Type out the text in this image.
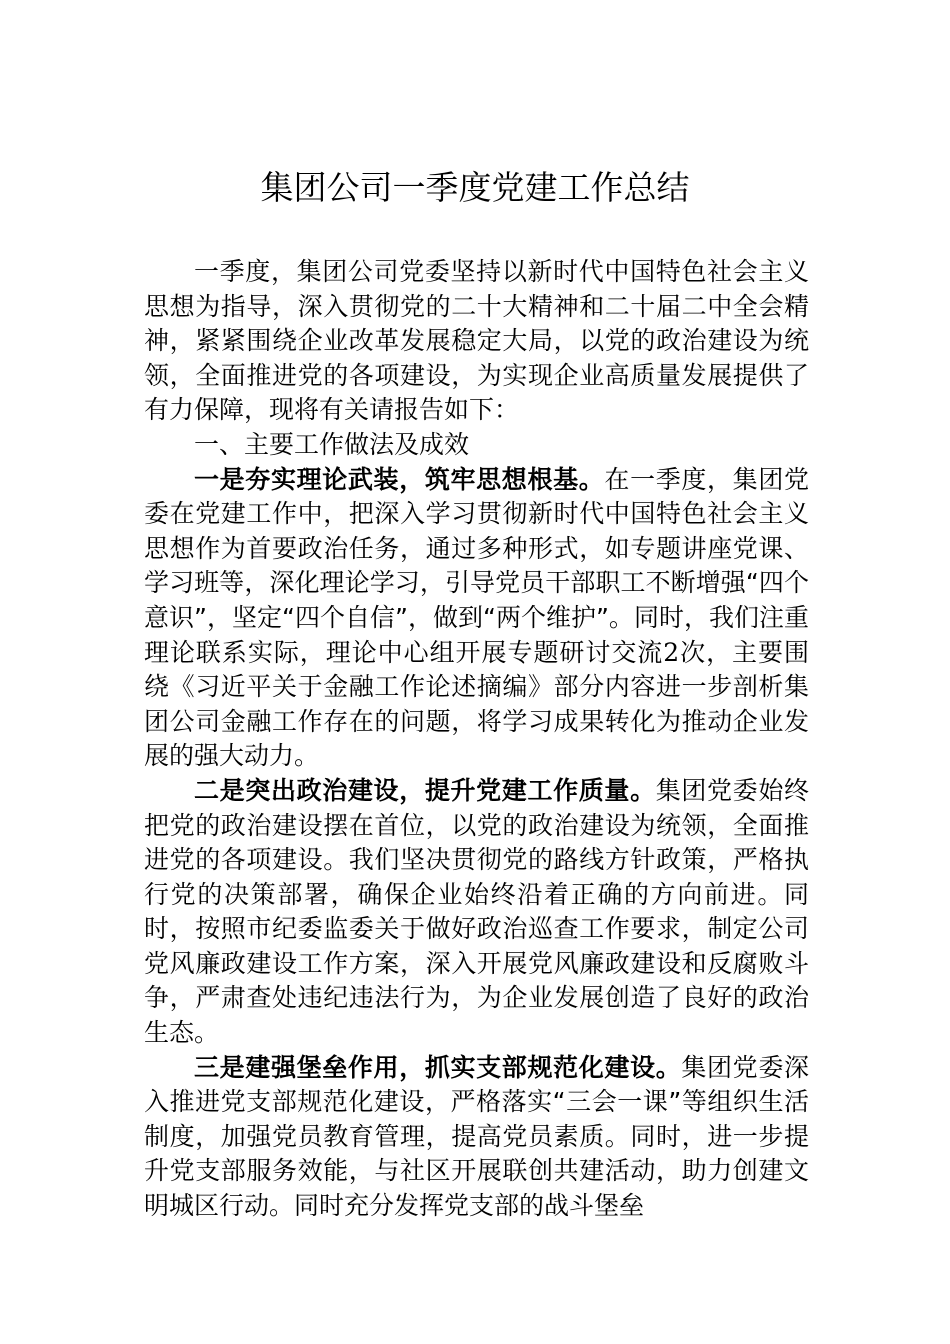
集团公司一季度党建工作总结

一季度，集团公司党委坚持以新时代中国特色社会主义思想为指导，深入贯彻党的二十大精神和二十届二中全会精神，紧紧围绕企业改革发展稳定大局，以党的政治建设为统领，全面推进党的各项建设，为实现企业高质量发展提供了有力保障，现将有关请报告如下：

一、主要工作做法及成效

一是夯实理论武装，筑牢思想根基。在一季度，集团党委在党建工作中，把深入学习贯彻新时代中国特色社会主义思想作为首要政治任务，通过多种形式，如专题讲座党课、学习班等，深化理论学习，引导党员干部职工不断增强“四个意识”，坚定“四个自信”，做到“两个维护”。同时，我们注重理论联系实际，理论中心组开展专题研讨交流2次，主要围绕《习近平关于金融工作论述摘编》部分内容进一步剖析集团公司金融工作存在的问题，将学习成果转化为推动企业发展的强大动力。

二是突出政治建设，提升党建工作质量。集团党委始终把党的政治建设摆在首位，以党的政治建设为统领，全面推进党的各项建设。我们坚决贯彻党的路线方针政策，严格执行党的决策部署，确保企业始终沿着正确的方向前进。同时，按照市纪委监委关于做好政治巡查工作要求，制定公司党风廉政建设工作方案，深入开展党风廉政建设和反腐败斗争，严肃查处违纪违法行为，为企业发展创造了良好的政治生态。

三是建强堡垒作用，抓实支部规范化建设。集团党委深入推进党支部规范化建设，严格落实“三会一课”等组织生活制度，加强党员教育管理，提高党员素质。同时，进一步提升党支部服务效能，与社区开展联创共建活动，助力创建文明城区行动。同时充分发挥党支部的战斗堡垒
